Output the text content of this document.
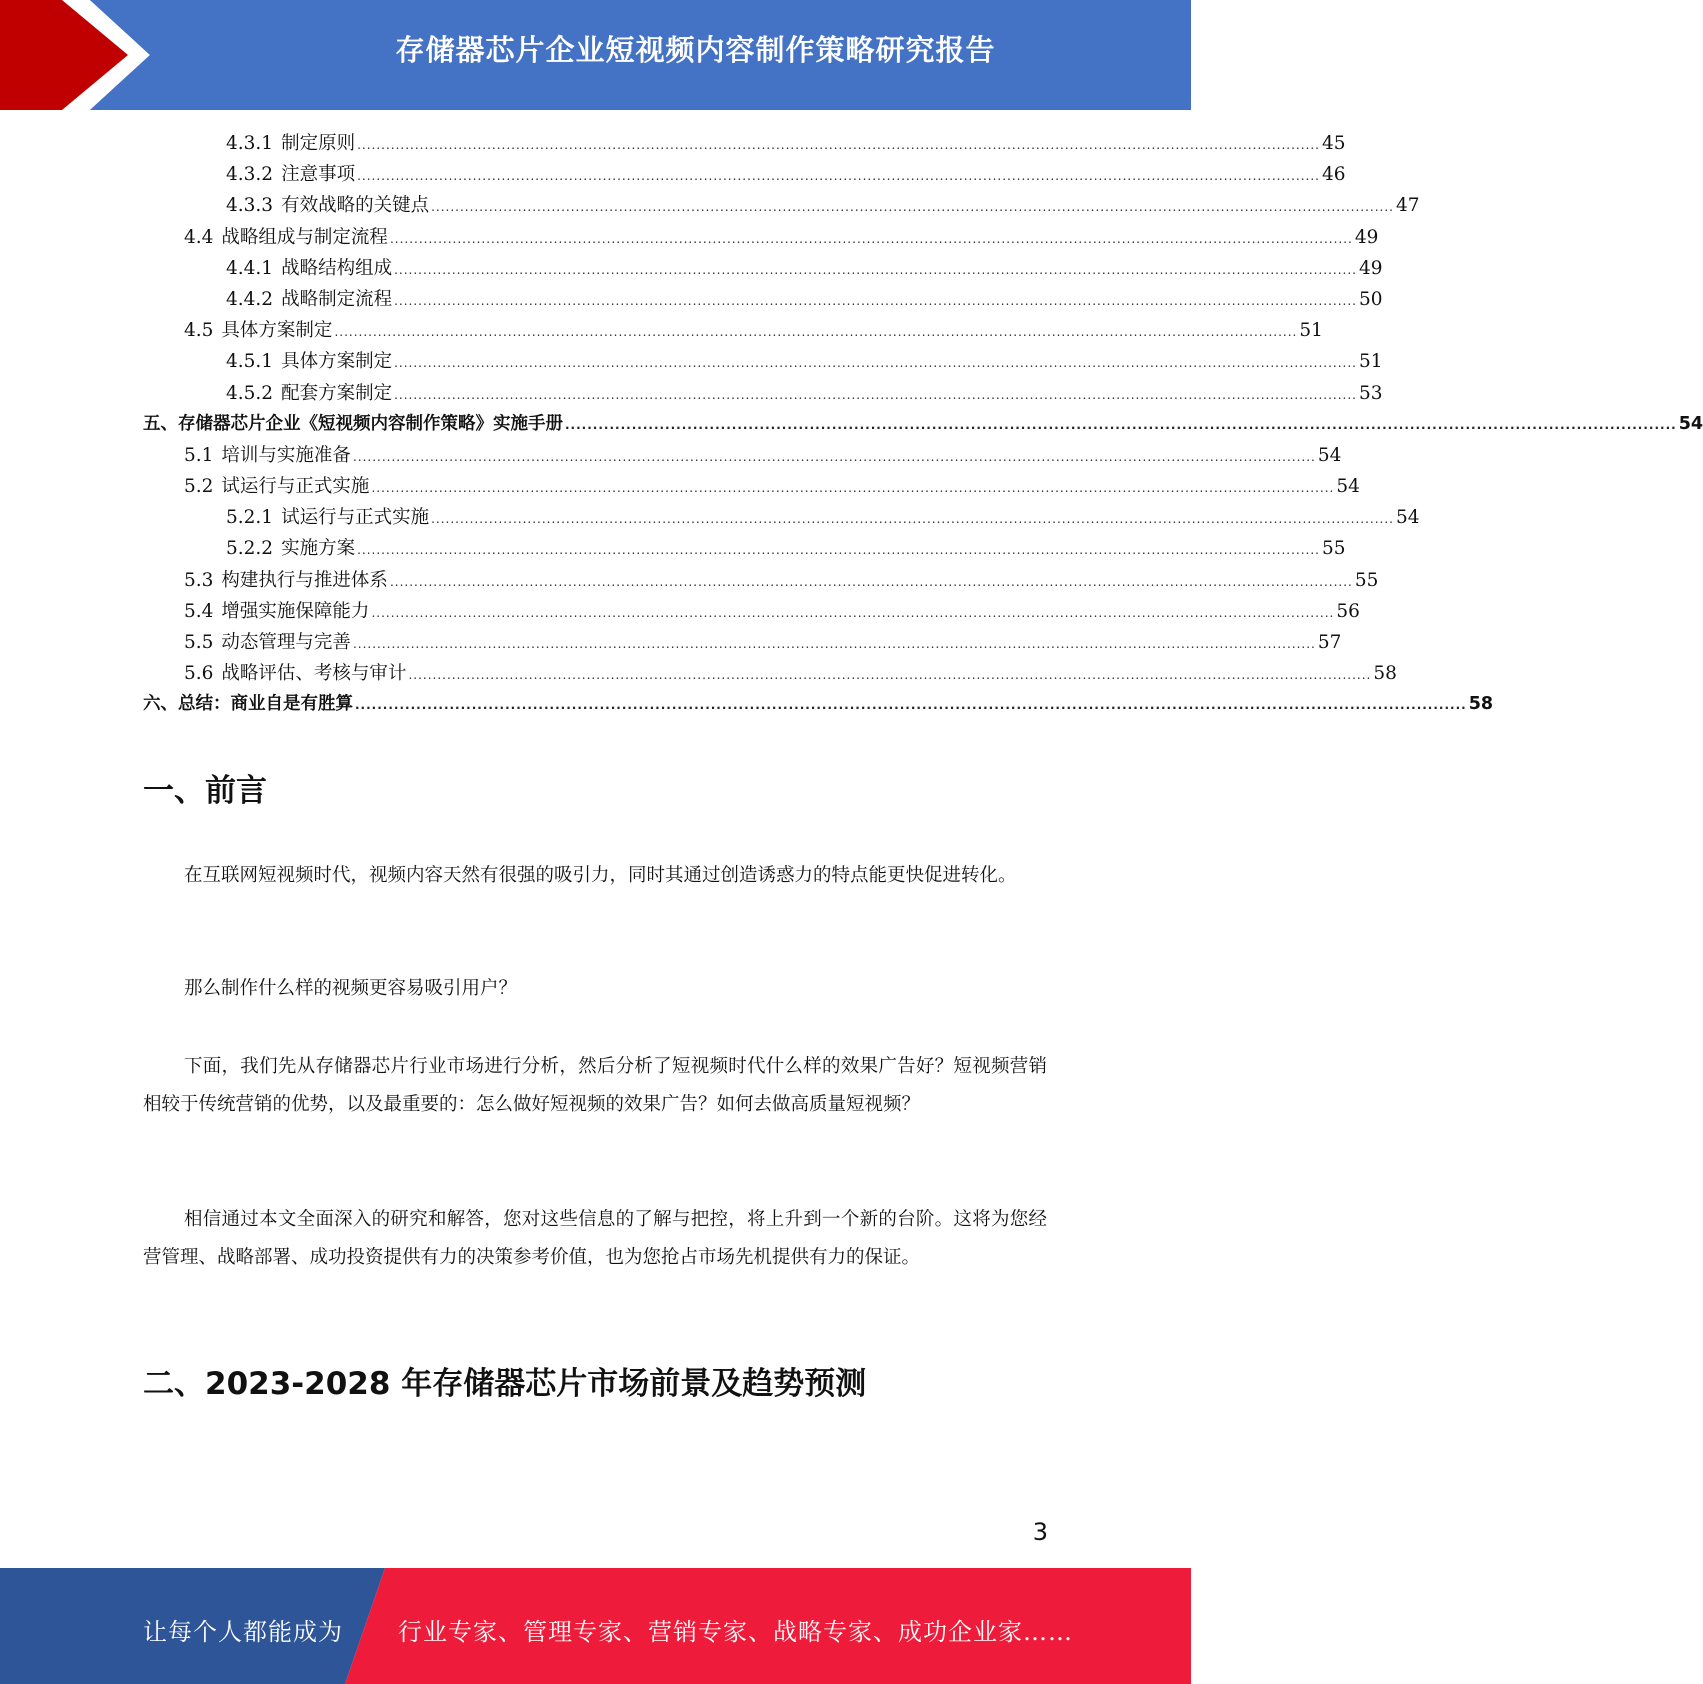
存储器芯片企业短视频内容制作策略研究报告
4.3.1 制定原则 ........................................................................................................................................................................................................ 45
4.3.2 注意事项 ........................................................................................................................................................................................................ 46
4.3.3 有效战略的关键点 ........................................................................................................................................................................................................ 47
4.4 战略组成与制定流程 ........................................................................................................................................................................................................ 49
4.4.1 战略结构组成 ........................................................................................................................................................................................................ 49
4.4.2 战略制定流程 ........................................................................................................................................................................................................ 50
4.5 具体方案制定 ........................................................................................................................................................................................................ 51
4.5.1 具体方案制定 ........................................................................................................................................................................................................ 51
4.5.2 配套方案制定 ........................................................................................................................................................................................................ 53
五、存储器芯片企业《短视频内容制作策略》实施手册 ........................................................................................................................................................................................................ 54
5.1 培训与实施准备 ........................................................................................................................................................................................................ 54
5.2 试运行与正式实施 ........................................................................................................................................................................................................ 54
5.2.1 试运行与正式实施 ........................................................................................................................................................................................................ 54
5.2.2 实施方案 ........................................................................................................................................................................................................ 55
5.3 构建执行与推进体系 ........................................................................................................................................................................................................ 55
5.4 增强实施保障能力 ........................................................................................................................................................................................................ 56
5.5 动态管理与完善 ........................................................................................................................................................................................................ 57
5.6 战略评估、考核与审计 ........................................................................................................................................................................................................ 58
六、总结：商业自是有胜算 ........................................................................................................................................................................................................ 58
一、前言

在互联网短视频时代，视频内容天然有很强的吸引力，同时其通过创造诱惑力的特点能更快促进转化。

那么制作什么样的视频更容易吸引用户？

下面，我们先从存储器芯片行业市场进行分析，然后分析了短视频时代什么样的效果广告好？短视频营销相较于传统营销的优势，以及最重要的：怎么做好短视频的效果广告？如何去做高质量短视频？

相信通过本文全面深入的研究和解答，您对这些信息的了解与把控，将上升到一个新的台阶。这将为您经营管理、战略部署、成功投资提供有力的决策参考价值，也为您抢占市场先机提供有力的保证。

二、2023-2028 年存储器芯片市场前景及趋势预测
3
让每个人都能成为 行业专家、管理专家、营销专家、战略专家、成功企业家……
